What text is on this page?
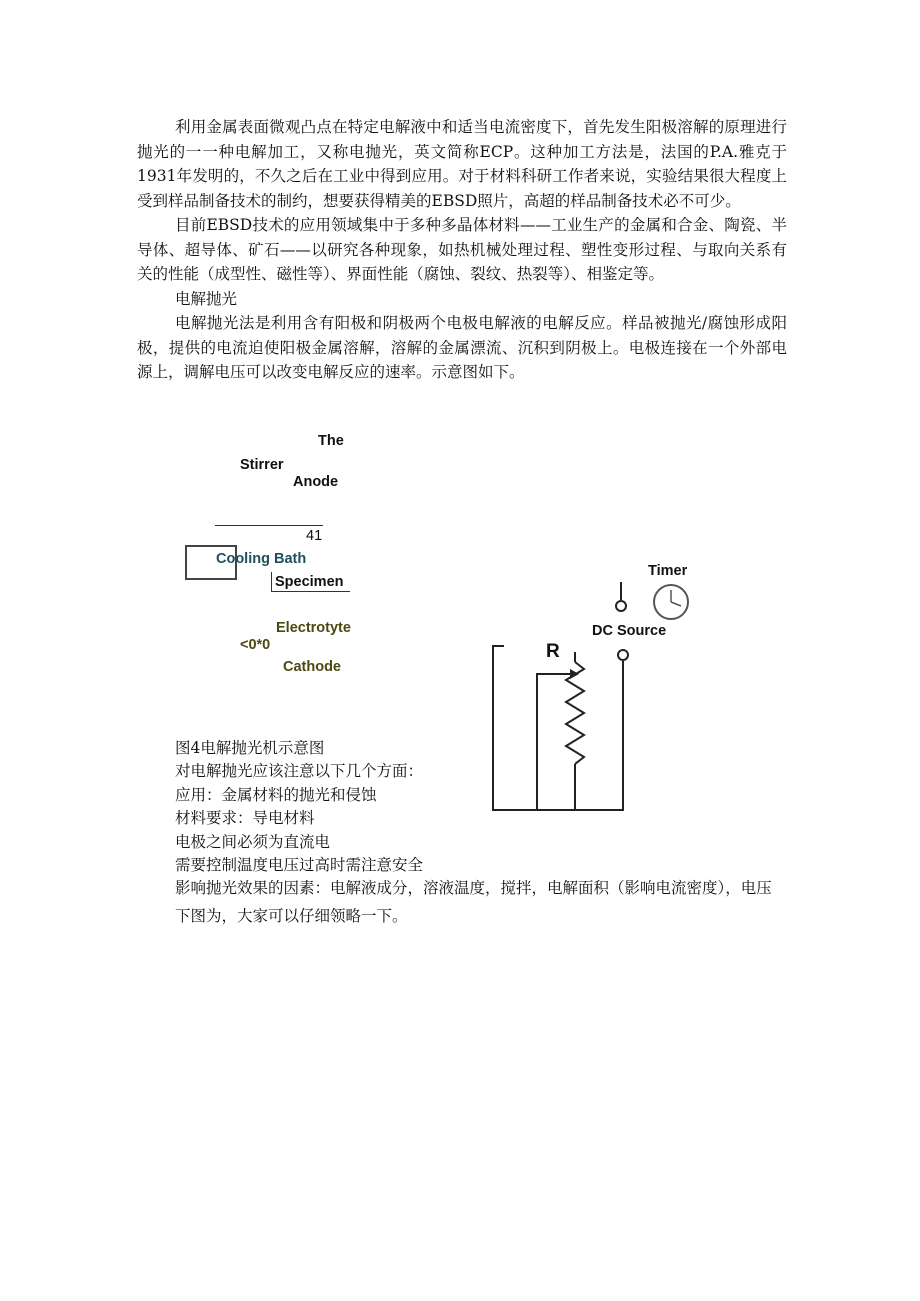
利用金属表面微观凸点在特定电解液中和适当电流密度下，首先发生阳极溶解的原理进行抛光的一一种电解加工，又称电抛光，英文简称ECP。这种加工方法是，法国的P.A.雅克于1931年发明的，不久之后在工业中得到应用。对于材料科研工作者来说，实验结果很大程度上受到样品制备技术的制约，想要获得精美的EBSD照片，高超的样品制备技术必不可少。

目前EBSD技术的应用领域集中于多种多晶体材料——工业生产的金属和合金、陶瓷、半导体、超导体、矿石——以研究各种现象，如热机械处理过程、塑性变形过程、与取向关系有关的性能（成型性、磁性等）、界面性能（腐蚀、裂纹、热裂等）、相鉴定等。

电解抛光

电解抛光法是利用含有阳极和阴极两个电极电解液的电解反应。样品被抛光/腐蚀形成阳极，提供的电流迫使阳极金属溶解，溶解的金属漂流、沉积到阴极上。电极连接在一个外部电源上，调解电压可以改变电解反应的速率。示意图如下。

The
Stirrer
Anode
41
Cooling Bath
Specimen
Electrotyte
<0*0
Cathode
Timer
DC Source
R

图4电解抛光机示意图

对电解抛光应该注意以下几个方面：

应用：金属材料的抛光和侵蚀

材料要求：导电材料

电极之间必须为直流电

需要控制温度电压过高时需注意安全

影响抛光效果的因素：电解液成分，溶液温度，搅拌，电解面积（影响电流密度），电压

下图为，大家可以仔细领略一下。
